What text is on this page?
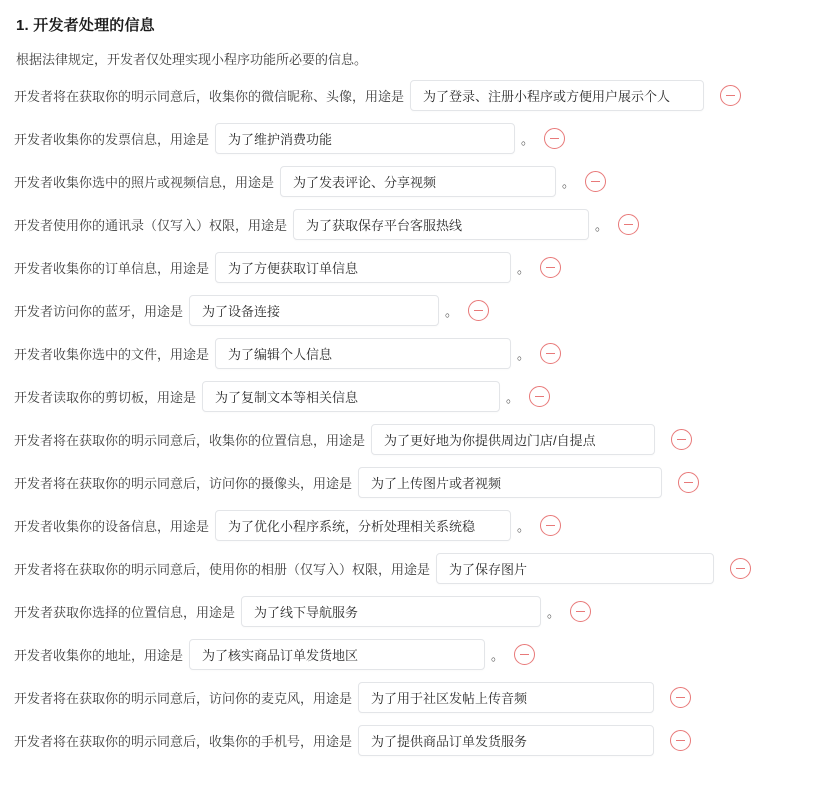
1. 开发者处理的信息
根据法律规定，开发者仅处理实现小程序功能所必要的信息。
开发者将在获取你的明示同意后，收集你的微信昵称、头像，用途是
为了登录、注册小程序或方便用户展示个人
开发者收集你的发票信息，用途是
为了维护消费功能	。
开发者收集你选中的照片或视频信息，用途是
为了发表评论、分享视频	。
开发者使用你的通讯录（仅写入）权限，用途是
为了获取保存平台客服热线	。
开发者收集你的订单信息，用途是
为了方便获取订单信息	。
开发者访问你的蓝牙，用途是
为了设备连接	。
开发者收集你选中的文件，用途是
为了编辑个人信息	。
开发者读取你的剪切板，用途是
为了复制文本等相关信息	。
开发者将在获取你的明示同意后，收集你的位置信息，用途是
为了更好地为你提供周边门店/自提点
开发者将在获取你的明示同意后，访问你的摄像头，用途是
为了上传图片或者视频
开发者收集你的设备信息，用途是
为了优化小程序系统，分析处理相关系统稳	。
开发者将在获取你的明示同意后，使用你的相册（仅写入）权限，用途是
为了保存图片
开发者获取你选择的位置信息，用途是
为了线下导航服务	。
开发者收集你的地址，用途是
为了核实商品订单发货地区	。
开发者将在获取你的明示同意后，访问你的麦克风，用途是
为了用于社区发帖上传音频
开发者将在获取你的明示同意后，收集你的手机号，用途是
为了提供商品订单发货服务
